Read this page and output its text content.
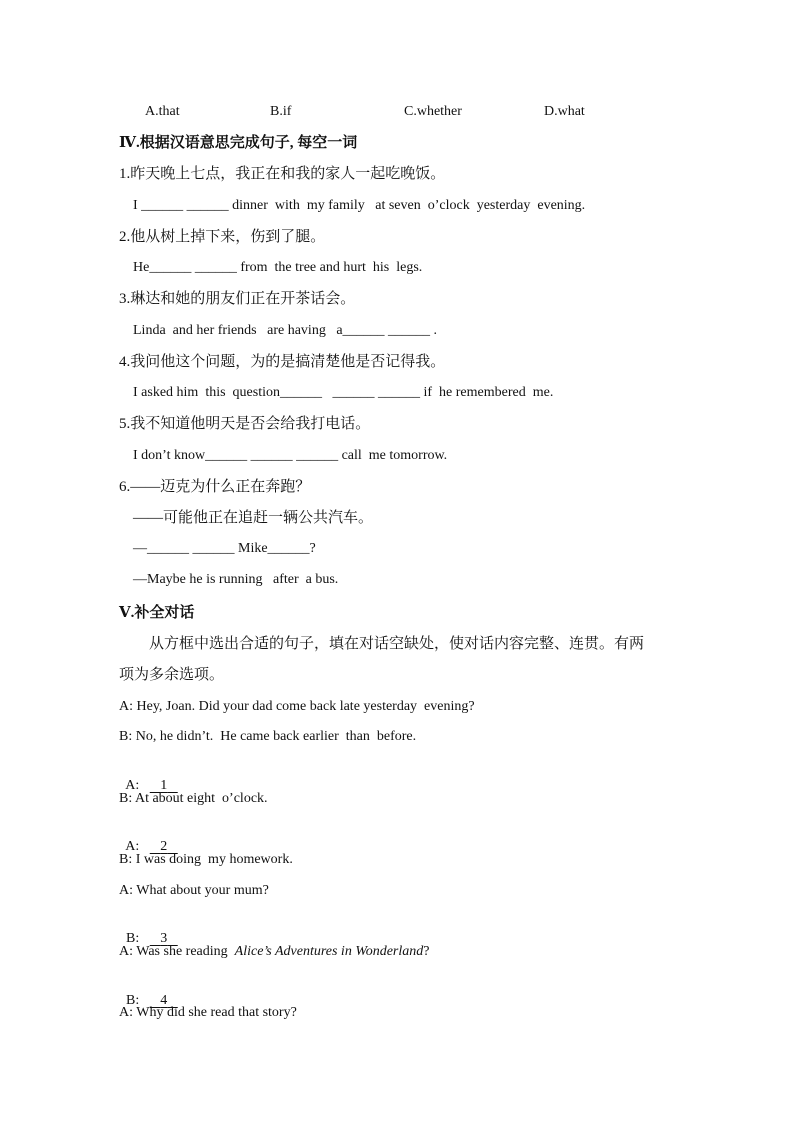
A.that	B.if	C.whether	D.what
Ⅳ.根据汉语意思完成句子, 每空一词
1.昨天晚上七点，我正在和我的家人一起吃晚饭。
I ______ ______ dinner  with  my family   at seven  o’clock  yesterday  evening.
2.他从树上掉下来，伤到了腿。
He______ ______ from  the tree and hurt  his  legs.
3.琳达和她的朋友们正在开茶话会。
Linda  and her friends   are having   a______ ______ .
4.我问他这个问题，为的是搞清楚他是否记得我。
I asked him  this  question______   ______ ______ if  he remembered  me.
5.我不知道他明天是否会给我打电话。
I don’t know______ ______ ______ call  me tomorrow.
6.——迈克为什么正在奔跑？
——可能他正在追赶一辆公共汽车。
—______ ______ Mike______?
—Maybe he is running   after  a bus.
Ⅴ.补全对话
从方框中选出合适的句子，填在对话空缺处，使对话内容完整、连贯。有两
项为多余选项。
A: Hey, Joan. Did your dad come back late yesterday  evening?
B: No, he didn’t.  He came back earlier  than  before.

A: 1

B: At about eight  o’clock.

A: 2

B: I was doing  my homework.
A: What about your mum?

B: 3

A: Was she reading  Alice’s Adventures in Wonderland?

B: 4

A: Why did she read that story?
